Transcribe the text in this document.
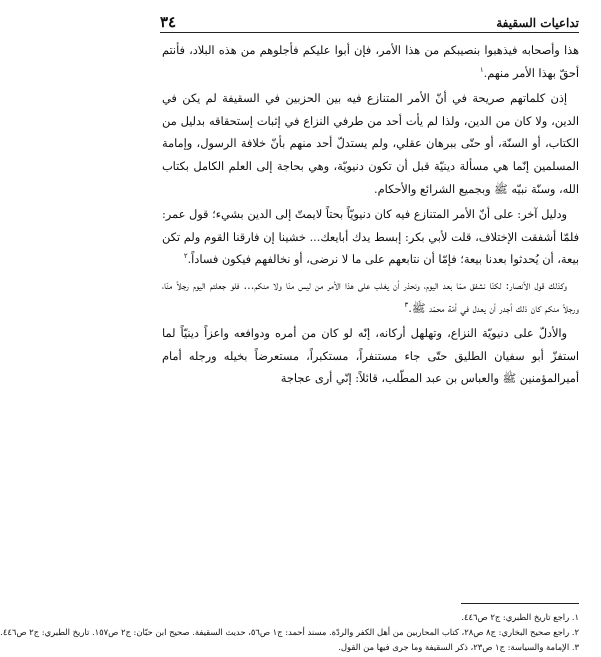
تداعيات السقيفة
٣٤

هذا وأصحابه فيذهبوا بنصيبكم من هذا الأمر، فإن أبوا عليكم فأجلوهم من هذه البلاد، فأنتم أحقّ بهذا الأمر منهم.$^١$

إذن كلماتهم صريحة في أنّ الأمر المتنازع فيه بين الحزبين في السقيفة لم يكن في الدين، ولا كان من الدين، ولذا لم يأت أحد من طرفي النزاع في إثبات إستحقاقه بدليل من الكتاب، أو السنّة، أو حتّى ببرهان عقلي، ولم يستدلّ أحد منهم بأنّ خلافة الرسول، وإمامة المسلمين إنّما هي مسألة دينيّة قبل أن تكون دنيويّة، وهي بحاجة إلى العلم الكامل بكتاب الله، وسنّة نبيّه ﷺ وبجميع الشرائع والأحكام.

ودليل آخر: على أنّ الأمر المتنازع فيه كان دنيويّاً بحتاً لايمتّ إلى الدين بشيء؛ قول عمر: فلمّا أشفقت الإختلاف، قلت لأبي بكر: إبسط يدك أبايعك... خشينا إن فارقنا القوم ولم تكن بيعة، أن يُحدثوا بعدنا بيعة؛ فإمّا أن نتابعهم على ما لا نرضى، أو نخالفهم فيكون فساداً.$^٢$

وكذلك قول الأنصار: لكنّا نشفق ممّا بعد اليوم، ونحذر أن يغلب على هذا الأمر من ليس منّا ولا منكم... فلو جعلتم اليوم رجلاً منّا، ورجلاً منكم كان ذلك أجدر أن يعدل في أمّة محمّد ﷺ.$^٣$

والأدلّ على دنيويّة النزاع، وتهلهل أركانه، إنّه لو كان من أمره ودوافعه واعزاً دينيّاً لما استفزّ أبو سفيان الطليق حتّى جاء مستنفراً، مستكبراً، مستعرضاً بخيله ورجله أمام أميرالمؤمنين ﷺ والعباس بن عبد المطّلب، قائلاً: إنّي أرى عجاجة

١. راجع تاريخ الطبري: ج٢ ص٤٤٦.
٢. راجع صحيح البخاري: ج٨ ص٢٨، كتاب المحاربين من أهل الكفر والردّة. مسند أحمد: ج١ ص٥٦، حديث السقيفة. صحيح ابن حبّان: ج٢ ص١٥٧. تاريخ الطبري: ج٢ ص٤٤٦.
٣. الإمامة والسياسة: ج١ ص٢٣، ذكر السقيفة وما جرى فيها من القول.
